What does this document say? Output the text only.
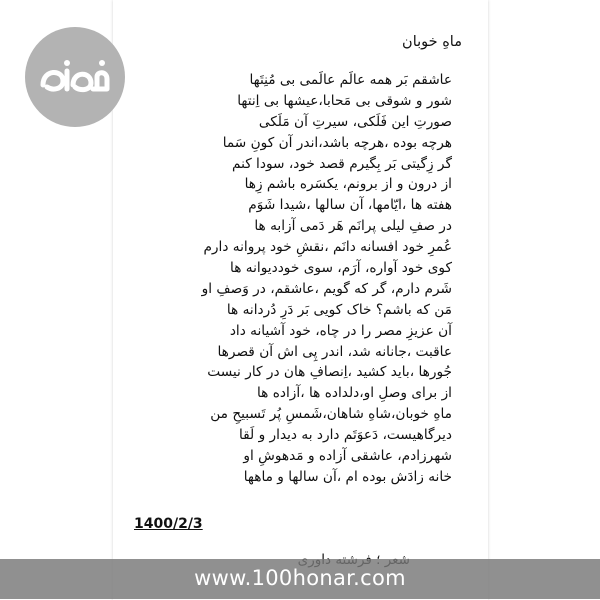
ماهِ خوبان
عاشقم بَر همه عالَم عالَمی بی مُنِتَها
شور و شوقی بی مَحابا،عیشها بی اِنتها
صورتِ این فَلَکی، سیرتِ آن مَلَکی
هرچه بوده ،هرچه باشد،اندر آن کونِ سَما
گر زِگیتی بَر بِگیرم قصد خود، سودا کنم
از درون و از برونم، یکسَره باشم زِها
هفته ها ،ایّامها، آن سالها ،شیدا شَوَم
در صفِ لیلی پرانَم هَر دَمی آزابه ها
عُمرِ خود افسانه دانَم ،نقشِ خود پروانه دارم
کوی خود آواره، آرَم، سوی خوددیوانه ها
شَرم دارم، گر که گویم ،عاشقم، در وَصفِ او
مَن که باشم؟ خاک کویی بَر دَرِ دُردانه ها
آن عزیزِ مصر را در چاه، خود آشیانه داد
عاقبت ،جانانه شد، اندر پِی اش آن قصرها
جُورها ،باید کشید ،اِنصافِ هان در کار نیست
از برای وصلِ او،دلداده ها ،آزاده ها
ماهِ خوبان،شاهِ شاهان،شَمسِ پُر تَسبیحِ من
دیرگاهیست، دَعوَتَم دارد به دیدار و لَقا
شهرزادم، عاشقی آزاده و مَدهوشِ او
خانه زادَش بوده ام ،آن سالها و ماهها
1400/2/3
www.100honar.com
